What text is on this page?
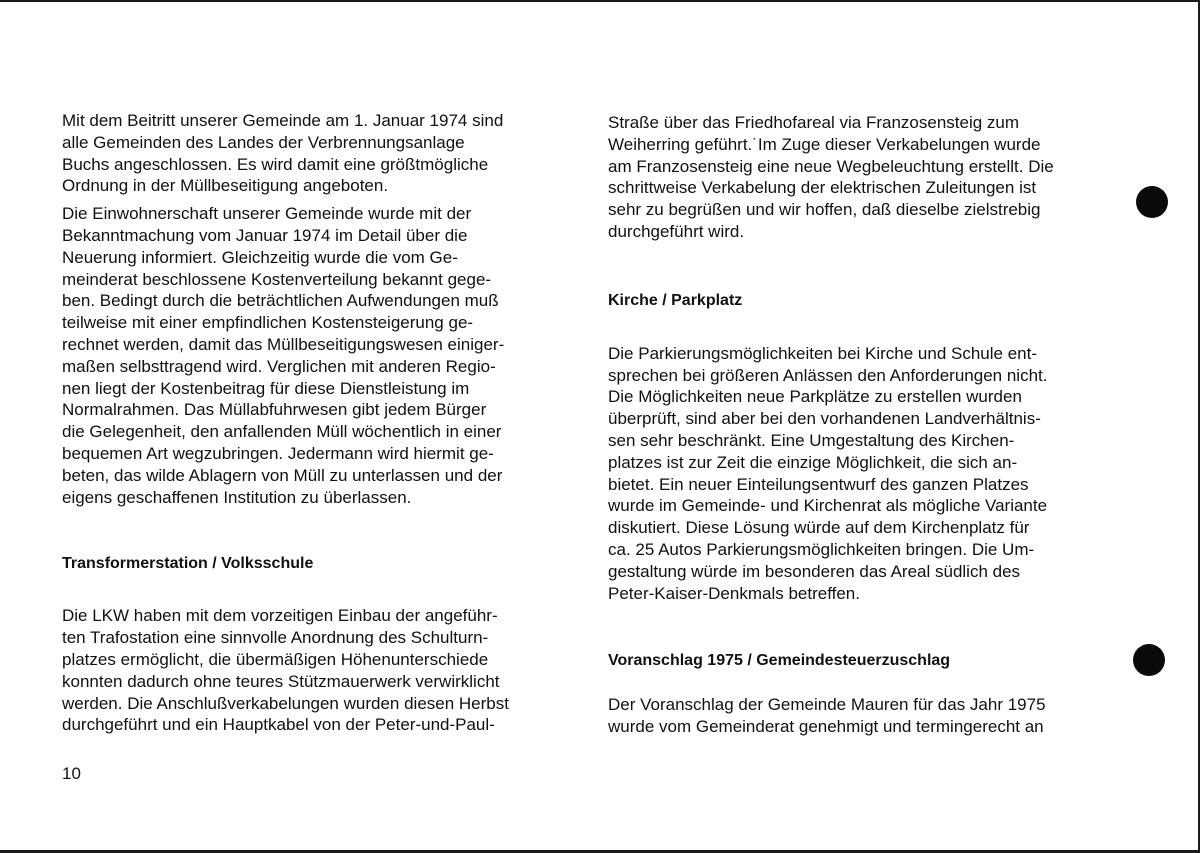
Mit dem Beitritt unserer Gemeinde am 1. Januar 1974 sind
alle Gemeinden des Landes der Verbrennungsanlage
Buchs angeschlossen. Es wird damit eine größtmögliche
Ordnung in der Müllbeseitigung angeboten.

Die Einwohnerschaft unserer Gemeinde wurde mit der
Bekanntmachung vom Januar 1974 im Detail über die
Neuerung informiert. Gleichzeitig wurde die vom Ge-
meinderat beschlossene Kostenverteilung bekannt gege-
ben. Bedingt durch die beträchtlichen Aufwendungen muß
teilweise mit einer empfindlichen Kostensteigerung ge-
rechnet werden, damit das Müllbeseitigungswesen einiger-
maßen selbsttragend wird. Verglichen mit anderen Regio-
nen liegt der Kostenbeitrag für diese Dienstleistung im
Normalrahmen. Das Müllabfuhrwesen gibt jedem Bürger
die Gelegenheit, den anfallenden Müll wöchentlich in einer
bequemen Art wegzubringen. Jedermann wird hiermit ge-
beten, das wilde Ablagern von Müll zu unterlassen und der
eigens geschaffenen Institution zu überlassen.

Transformerstation / Volksschule

Die LKW haben mit dem vorzeitigen Einbau der angeführ-
ten Trafostation eine sinnvolle Anordnung des Schulturn-
platzes ermöglicht, die übermäßigen Höhenunterschiede
konnten dadurch ohne teures Stützmauerwerk verwirklicht
werden. Die Anschlußverkabelungen wurden diesen Herbst
durchgeführt und ein Hauptkabel von der Peter-und-Paul-

Straße über das Friedhofareal via Franzosensteig zum
Weiherring geführt.˙Im Zuge dieser Verkabelungen wurde
am Franzosensteig eine neue Wegbeleuchtung erstellt. Die
schrittweise Verkabelung der elektrischen Zuleitungen ist
sehr zu begrüßen und wir hoffen, daß dieselbe zielstrebig
durchgeführt wird.

Kirche / Parkplatz

Die Parkierungsmöglichkeiten bei Kirche und Schule ent-
sprechen bei größeren Anlässen den Anforderungen nicht.
Die Möglichkeiten neue Parkplätze zu erstellen wurden
überprüft, sind aber bei den vorhandenen Landverhältnis-
sen sehr beschränkt. Eine Umgestaltung des Kirchen-
platzes ist zur Zeit die einzige Möglichkeit, die sich an-
bietet. Ein neuer Einteilungsentwurf des ganzen Platzes
wurde im Gemeinde- und Kirchenrat als mögliche Variante
diskutiert. Diese Lösung würde auf dem Kirchenplatz für
ca. 25 Autos Parkierungsmöglichkeiten bringen. Die Um-
gestaltung würde im besonderen das Areal südlich des
Peter-Kaiser-Denkmals betreffen.

Voranschlag 1975 / Gemeindesteuerzuschlag

Der Voranschlag der Gemeinde Mauren für das Jahr 1975
wurde vom Gemeinderat genehmigt und termingerecht an

10
